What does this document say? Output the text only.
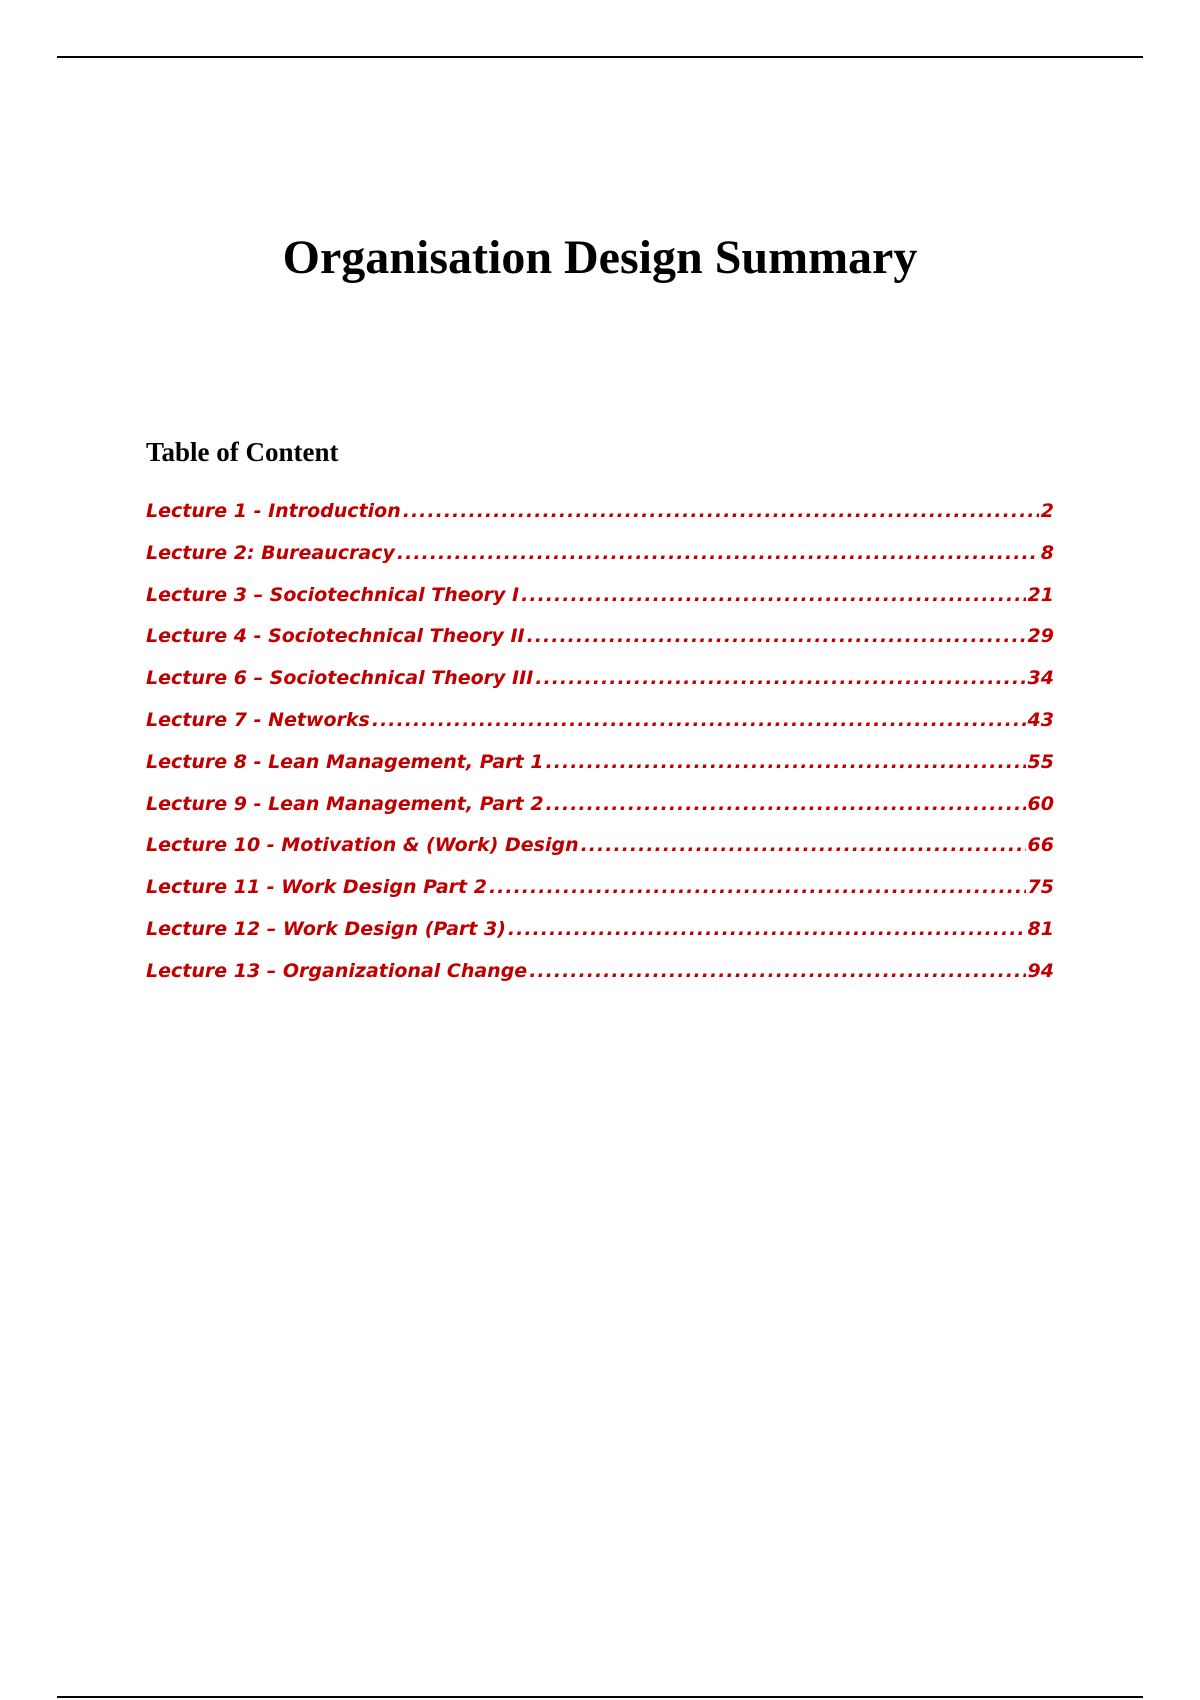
Organisation Design Summary
Table of Content
Lecture 1 - Introduction .....	2
Lecture 2: Bureaucracy .....	8
Lecture 3 – Sociotechnical Theory I .....	21
Lecture 4 - Sociotechnical Theory II .....	29
Lecture 6 – Sociotechnical Theory III .....	34
Lecture 7 - Networks .....	43
Lecture 8 - Lean Management, Part 1 .....	55
Lecture 9 - Lean Management, Part 2 .....	60
Lecture 10 - Motivation & (Work) Design .....	66
Lecture 11 - Work Design Part 2 .....	75
Lecture 12 – Work Design (Part 3) .....	81
Lecture 13 – Organizational Change .....	94
